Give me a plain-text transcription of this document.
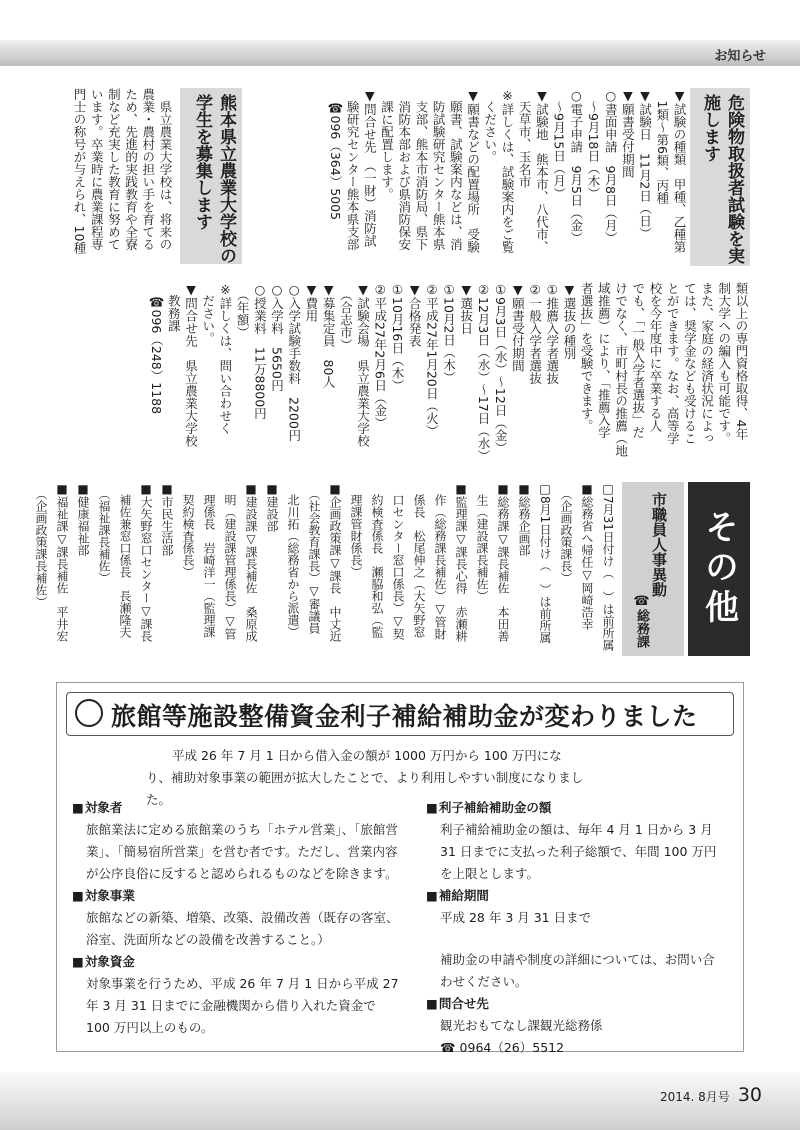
お知らせ
危険物取扱者試験を実
施します
▼試験の種類　甲種、乙種第
　1類～第6類、丙種
▼試験日　11月2日（日）
▼願書受付期間
○書面申請　9月8日（月）
　～9月18日（木）
○電子申請　9月5日（金）
　～9月15日（月）
▼試験地　熊本市、八代市、
　天草市、玉名市
※詳しくは、試験案内をご覧
　ください。
▼願書などの配置場所　受験
　願書、試験案内などは、消
　防試験研究センター熊本県
　支部、熊本市消防局、県下
　消防本部および県消防保安
　課に配置します。
▼問合せ先　（一財）消防試
　験研究センター熊本県支部
　☎096（364）5005
熊本県立農業大学校の
学生を募集します
　県立農業大学校は、将来の
農業・農村の担い手を育てる
ため、先進的実践教育や全寮
制など充実した教育に努めて
います。卒業時に農業課程専
門士の称号が与えられ、10種
類以上の専門資格取得、4年
制大学への編入も可能です。
また、家庭の経済状況によっ
ては、奨学金なども受けるこ
とができます。なお、高等学
校を今年度中に卒業する人
でも、「一般入学者選抜」だ
けでなく、市町村長の推薦（地
域推薦）により、「推薦入学
者選抜」を受験できます。
▼選抜の種別
①推薦入学者選抜
②一般入学者選抜
▼願書受付期間
①9月3日（水）～12日（金）
②12月3日（水）～17日（水）
▼選抜日
①10月2日（木）
②平成27年1月20日（火）
▼合格発表
①10月16日（木）
②平成27年2月6日（金）
▼試験会場　県立農業大学校
　（合志市）
▼募集定員　80人
▼費用
○入学試験手数料　2200円
○入学料　5650円
○授業料　11万8800円
　（年額）
※詳しくは、問い合わせく
　ださい。
▼問合せ先　県立農業大学校
　教務課
　☎096（248）1188
その他
市職員人事異動
☎総務課
□7月31日付け（　）は前所属
■総務省へ帰任▽岡崎浩幸
　（企画政策課長）
□8月1日付け（　）は前所属
■総務企画部
■総務課▽課長補佐　本田善
　生（建設課長補佐）
■監理課▽課長心得　赤瀬耕
　作（総務課長補佐）▽管財
　係長　松尾伸之（大矢野窓
　口センター窓口係長）▽契
　約検査係長　瀬脇和弘（監
　理課管財係長）
■企画政策課▽課長　中丈近
　（社会教育課長）▽審議員
　北川拓（総務省から派遣）
■建設部
■建設課▽課長補佐　桑原成
　明（建設課管理係長）▽管
　理係長　岩崎洋一（監理課
　契約検査係長）
■市民生活部
■大矢野窓口センター▽課長
　補佐兼窓口係長　長瀬隆夫
　（福祉課長補佐）
■健康福祉部
■福祉課▽課長補佐　平井宏
　（企画政策課長補佐）
旅館等施設整備資金利子補給補助金が変わりました
平成 26 年 7 月 1 日から借入金の額が 1000 万円から 100 万円になり、補助対象事業の範囲が拡大したことで、より利用しやすい制度になりました。
■ 対象者

旅館業法に定める旅館業のうち「ホテル営業」、「旅館営業」、「簡易宿所営業」を営む者です。ただし、営業内容が公序良俗に反すると認められるものなどを除きます。

■ 対象事業

旅館などの新築、増築、改築、設備改善（既存の客室、浴室、洗面所などの設備を改善すること。）

■ 対象資金

対象事業を行うため、平成 26 年 7 月 1 日から平成 27 年 3 月 31 日までに金融機関から借り入れた資金で 100 万円以上のもの。

■ 利子補給補助金の額

利子補給補助金の額は、毎年 4 月 1 日から 3 月 31 日までに支払った利子総額で、年間 100 万円を上限とします。

■ 補給期間

平成 28 年 3 月 31 日まで

補助金の申請や制度の詳細については、お問い合わせください。

■ 問合せ先

観光おもてなし課観光総務係
☎ 0964（26）5512

2014. 8月号 30
